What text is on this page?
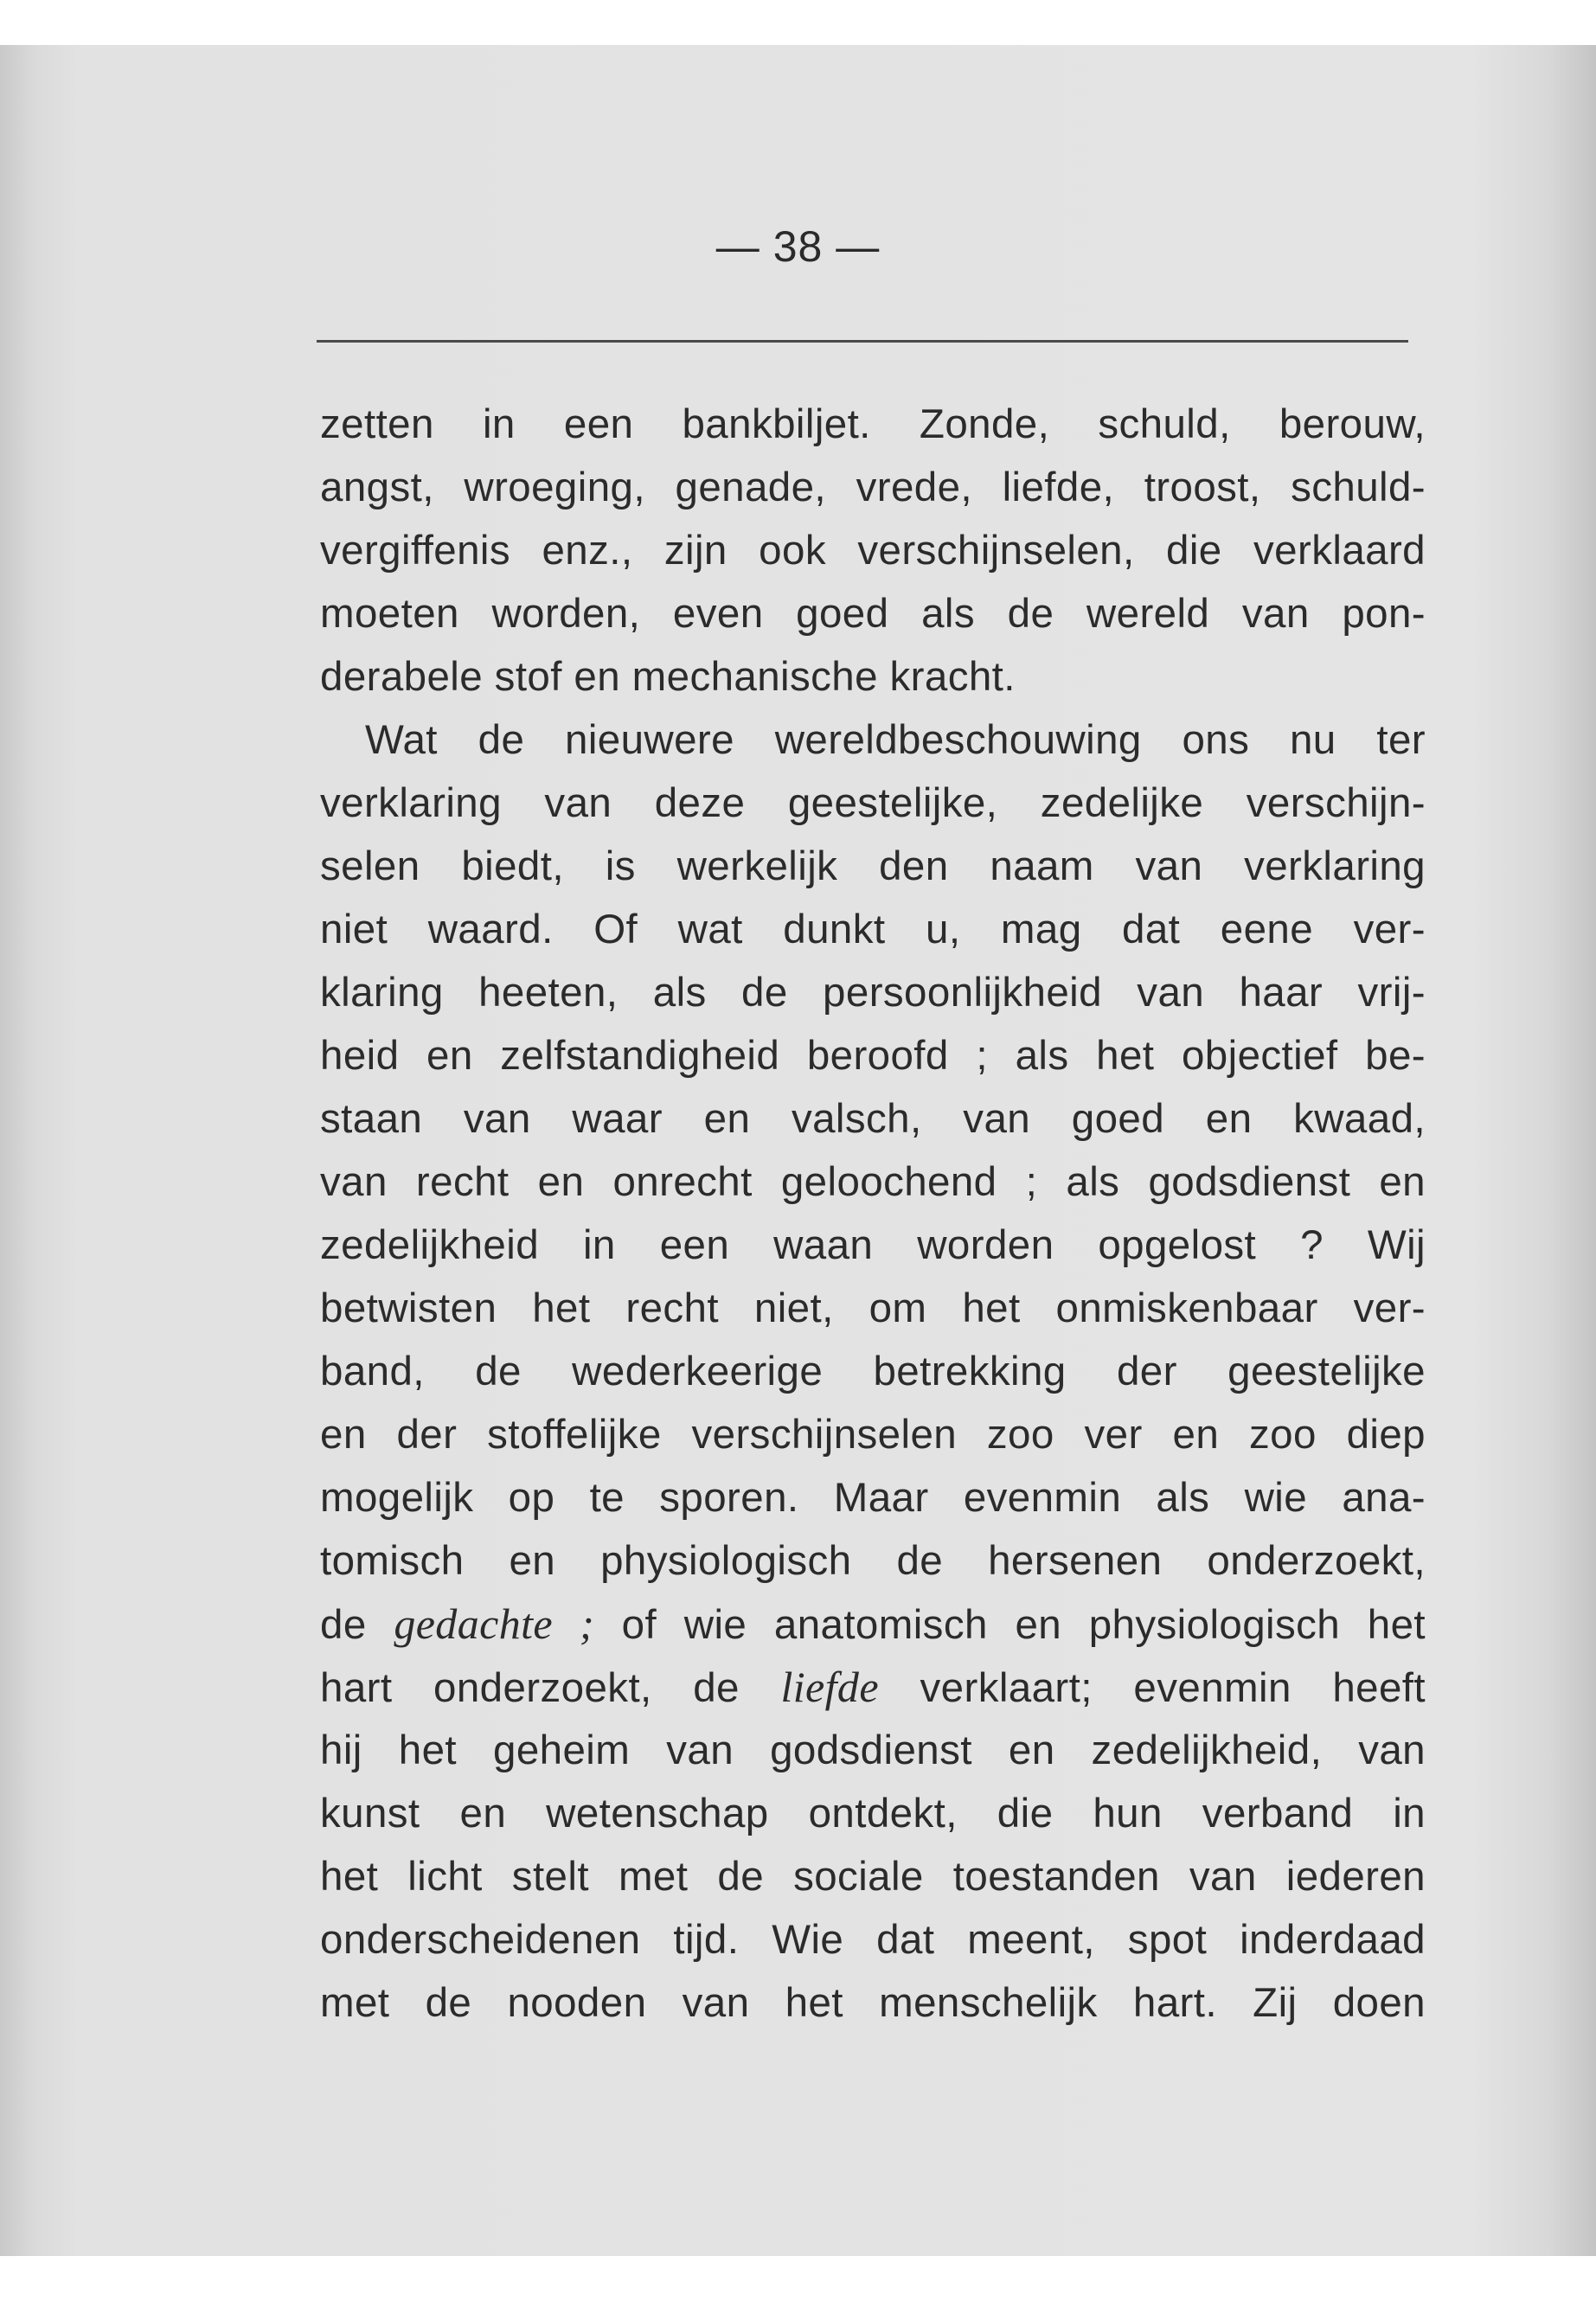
— 38 —
zetten in een bankbiljet. Zonde, schuld, berouw,
angst, wroeging, genade, vrede, liefde, troost, schuld-
vergiffenis enz., zijn ook verschijnselen, die verklaard
moeten worden, even goed als de wereld van pon-
derabele stof en mechanische kracht.
Wat de nieuwere wereldbeschouwing ons nu ter
verklaring van deze geestelijke, zedelijke verschijn-
selen biedt, is werkelijk den naam van verklaring
niet waard. Of wat dunkt u, mag dat eene ver-
klaring heeten, als de persoonlijkheid van haar vrij-
heid en zelfstandigheid beroofd ; als het objectief be-
staan van waar en valsch, van goed en kwaad,
van recht en onrecht geloochend ; als godsdienst en
zedelijkheid in een waan worden opgelost ? Wij
betwisten het recht niet, om het onmiskenbaar ver-
band, de wederkeerige betrekking der geestelijke
en der stoffelijke verschijnselen zoo ver en zoo diep
mogelijk op te sporen. Maar evenmin als wie ana-
tomisch en physiologisch de hersenen onderzoekt,
de gedachte ; of wie anatomisch en physiologisch het
hart onderzoekt, de liefde verklaart; evenmin heeft
hij het geheim van godsdienst en zedelijkheid, van
kunst en wetenschap ontdekt, die hun verband in
het licht stelt met de sociale toestanden van iederen
onderscheidenen tijd. Wie dat meent, spot inderdaad
met de nooden van het menschelijk hart. Zij doen
